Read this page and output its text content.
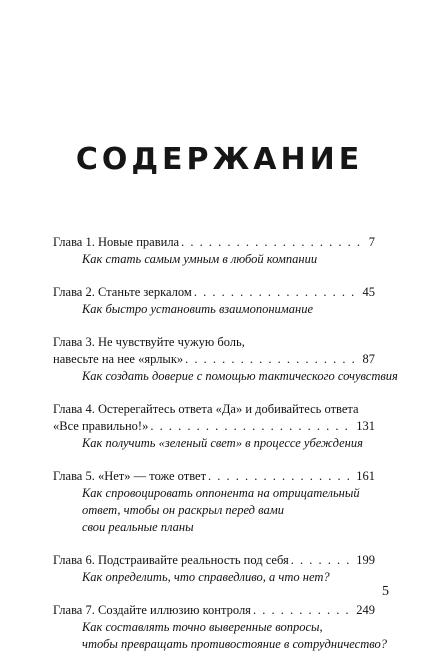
СОДЕРЖАНИЕ
Глава 1. Новые правила . . .	7
Как стать самым умным в любой компании
Глава 2. Станьте зеркалом . . .	45
Как быстро установить взаимопонимание
Глава 3. Не чувствуйте чужую боль,
навесьте на нее «ярлык» . . .	87
Как создать доверие с помощью тактического сочувствия
Глава 4. Остерегайтесь ответа «Да» и добивайтесь ответа
«Все правильно!» . . .	131
Как получить «зеленый свет» в процессе убеждения
Глава 5. «Нет» — тоже ответ . . .	161
Как спровоцировать оппонента на отрицательный
ответ, чтобы он раскрыл перед вами
свои реальные планы
Глава 6. Подстраивайте реальность под себя . . .	199
Как определить, что справедливо, а что нет?
Глава 7. Создайте иллюзию контроля . . .	249
Как составлять точно выверенные вопросы,
чтобы превращать противостояние в сотрудничество?
5
